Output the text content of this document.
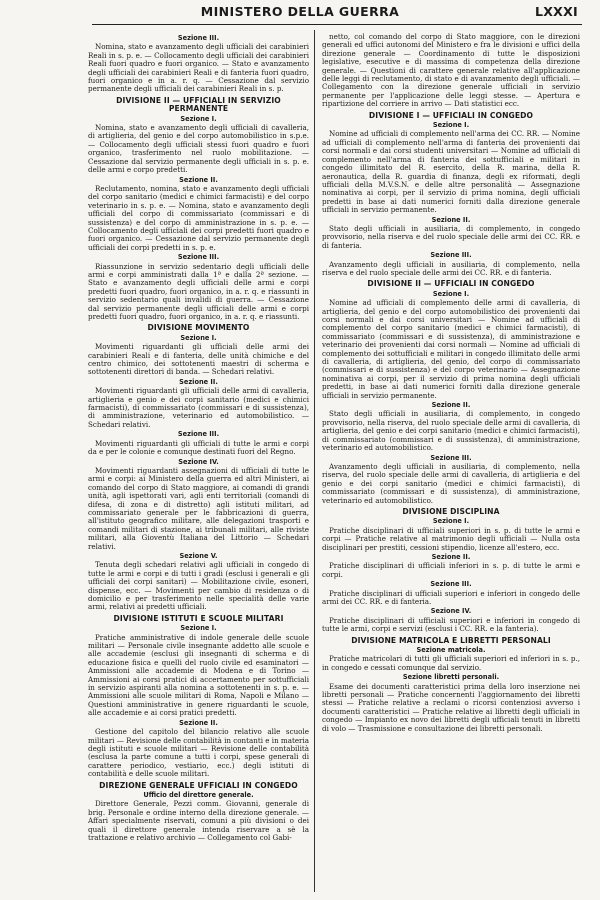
MINISTERO DELLA GUERRA	LXXXI
Sezione III.

Nomina, stato e avanzamento degli ufficiali dei carabinieri Reali in s. p. e. — Collocamento degli ufficiali dei carabinieri Reali fuori quadro e fuori organico. — Stato e avanzamento degli ufficiali dei carabinieri Reali e di fanteria fuori quadro, fuori organico e in a. r. q. — Cessazione dal servizio permanente degli ufficiali dei carabinieri Reali in s. p.

DIVISIONE II — UFFICIALI IN SERVIZIO PERMANENTE
Sezione I.

Nomina, stato e avanzamento degli ufficiali di cavalleria, di artiglieria, del genio e del corpo automobilistico in s.p.e. — Collocamento degli ufficiali stessi fuori quadro e fuori organico, trasferimento nel ruolo mobilitazione. — Cessazione dal servizio permanente degli ufficiali in s. p. e. delle armi e corpo predetti.

Sezione II.

Reclutamento, nomina, stato e avanzamento degli ufficiali del corpo sanitario (medici e chimici farmacisti) e del corpo veterinario in s. p. e. — Nomina, stato e avanzamento degli ufficiali del corpo di commissariato (commissari e di sussistenza) e del corpo di amministrazione in s. p. e. — Collocamento degli ufficiali dei corpi predetti fuori quadro e fuori organico. — Cessazione dal servizio permanente degli ufficiali dei corpi predetti in s. p. e.

Sezione III.

Riassunzione in servizio sedentario degli ufficiali delle armi e corpi amministrati dalla 1ª e dalla 2ª sezione. — Stato e avanzamento degli ufficiali delle armi e corpi predetti fuori quadro, fuori organico, in a. r. q. e riassunti in servizio sedentario quali invalidi di guerra. — Cessazione dal servizio permanente degli ufficiali delle armi e corpi predetti fuori quadro, fuori organico, in a. r. q. e riassunti.

DIVISIONE MOVIMENTO
Sezione I.

Movimenti riguardanti gli ufficiali delle armi dei carabinieri Reali e di fanteria, delle unità chimiche e del centro chimico, dei sottotenenti maestri di scherma e sottotenenti direttori di banda. — Schedari relativi.

Sezione II.

Movimenti riguardanti gli ufficiali delle armi di cavalleria, artiglieria e genio e dei corpi sanitario (medici e chimici farmacisti), di commissariato (commissari e di sussistenza), di amministrazione, veterinario ed automobilistico. — Schedari relativi.

Sezione III.

Movimenti riguardanti gli ufficiali di tutte le armi e corpi da e per le colonie e comunque destinati fuori del Regno.

Sezione IV.

Movimenti riguardanti assegnazioni di ufficiali di tutte le armi e corpi: ai Ministero della guerra ed altri Ministeri, ai comando del corpo di Stato maggiore, ai comandi di grandi unità, agli ispettorati vari, agli enti territoriali (comandi di difesa, di zona e di distretto) agli istituti militari, ad commissariato generale per le fabbricazioni di guerra, all'istituto geografico militare, alle delegazioni trasporti e comandi militari di stazione, ai tribunali militari, alle riviste militari, alla Gioventù Italiana del Littorio — Schedari relativi.

Sezione V.

Tenuta degli schedari relativi agli ufficiali in congedo di tutte le armi e corpi e di tutti i gradi (esclusi i generali e gli ufficiali dei corpi sanitari) — Mobilitazione civile, esoneri, dispense, ecc. — Movimenti per cambio di residenza o di domicilio e per trasferimento nelle specialità delle varie armi, relativi ai predetti ufficiali.

DIVISIONE ISTITUTI E SCUOLE MILITARI
Sezione I.

Pratiche amministrative di indole generale delle scuole militari — Personale civile insegnante addetto alle scuole e alle accademie (esclusi gli insegnanti di scherma e di educazione fisica e quelli del ruolo civile ed esaminatori — Ammissioni alle accademie di Modena e di Torino — Ammissioni ai corsi pratici di accertamento per sottufficiali in servizio aspiranti alla nomina a sottotenenti in s. p. e. — Ammissioni alle scuole militari di Roma, Napoli e Milano — Questioni amministrative in genere riguardanti le scuole, alle accademie e ai corsi pratici predetti.

Sezione II.

Gestione del capitolo del bilancio relativo alle scuole militari — Revisione delle contabilità in contanti e in materia degli istituti e scuole militari — Revisione delle contabilità (esclusa la parte comune a tutti i corpi, spese generali di carattere periodico, vestiario, ecc.) degli istituti di contabilità e delle scuole militari.

DIREZIONE GENERALE UFFICIALI IN CONGEDO
Ufficio del direttore generale.

Direttore Generale, Pezzi comm. Giovanni, generale di brig. Personale e ordine interno della direzione generale. — Affari specialmente riservati, comuni a più divisioni o dei quali il direttore generale intenda riservare a sè la trattazione e relativo archivio — Collegamento col Gabi-

netto, col comando del corpo di Stato maggiore, con le direzioni generali ed uffici autonomi del Ministero e fra le divisioni e uffici della direzione generale — Coordinamento di tutte le disposizioni legislative, esecutive e di massima di competenza della direzione generale. — Questioni di carattere generale relative all'applicazione delle leggi di reclutamento, di stato e di avanzamento degli ufficiali. — Collegamento con la direzione generale ufficiali in servizio permanente per l'applicazione delle leggi stesse. — Apertura e ripartizione del corriere in arrivo — Dati statistici ecc.

DIVISIONE I — UFFICIALI IN CONGEDO
Sezione I.

Nomine ad ufficiali di complemento nell'arma dei CC. RR. — Nomine ad ufficiali di complemento nell'arma di fanteria dei provenienti dai corsi normali e dai corsi studenti universitari — Nomine ad ufficiali di complemento nell'arma di fanteria dei sottufficiali e militari in congedo illimitato del R. esercito, della R. marina, della R. aeronautica, della R. guardia di finanza, degli ex riformati, degli ufficiali della M.V.S.N. e delle altre personalità — Assegnazione nominativa ai corpi, per il servizio di prima nomina, degli ufficiali predetti in base ai dati numerici forniti dalla direzione generale ufficiali in servizio permanente.

Sezione II.

Stato degli ufficiali in ausiliaria, di complemento, in congedo provvisorio, nella riserva e del ruolo speciale delle armi dei CC. RR. e di fanteria.

Sezione III.

Avanzamento degli ufficiali in ausiliaria, di complemento, nella riserva e del ruolo speciale delle armi dei CC. RR. e di fanteria.

DIVISIONE II — UFFICIALI IN CONGEDO
Sezione I.

Nomine ad ufficiali di complemento delle armi di cavalleria, di artiglieria, del genio e del corpo automobilistico dei provenienti dai corsi normali e dai corsi universitari — Nomine ad ufficiali di complemento del corpo sanitario (medici e chimici farmacisti), di commissariato (commissari e di sussistenza), di amministrazione e veterinario dei provenienti dai corsi normali — Nomine ad ufficiali di complemento dei sottufficiali e militari in congedo illimitato delle armi di cavalleria, di artiglieria, del genio, del corpo di commissariato (commissari e di sussistenza) e del corpo veterinario — Assegnazione nominativa ai corpi, per il servizio di prima nomina degli ufficiali predetti, in base ai dati numerici forniti dalla direzione generale ufficiali in servizio permanente.

Sezione II.

Stato degli ufficiali in ausiliaria, di complemento, in congedo provvisorio, nella riserva, del ruolo speciale delle armi di cavalleria, di artiglieria, del genio e dei corpi sanitario (medici e chimici farmacisti), di commissariato (commissari e di sussistenza), di amministrazione, veterinario ed automobilistico.

Sezione III.

Avanzamento degli ufficiali in ausiliaria, di complemento, nella riserva, del ruolo speciale delle armi di cavalleria, di artiglieria e del genio e dei corpi sanitario (medici e chimici farmacisti), di commissariato (commissari e di sussistenza), di amministrazione, veterinario ed automobilistico.

DIVISIONE DISCIPLINA
Sezione I.

Pratiche disciplinari di ufficiali superiori in s. p. di tutte le armi e corpi — Pratiche relative al matrimonio degli ufficiali — Nulla osta disciplinari per prestiti, cessioni stipendio, licenze all'estero, ecc.

Sezione II.

Pratiche disciplinari di ufficiali inferiori in s. p. di tutte le armi e corpi.

Sezione III.

Pratiche disciplinari di ufficiali superiori e inferiori in congedo delle armi dei CC. RR. e di fanteria.

Sezione IV.

Pratiche disciplinari di ufficiali superiori e inferiori in congedo di tutte le armi, corpi e servizi (esclusi i CC. RR. e la fanteria).

DIVISIONE MATRICOLA E LIBRETTI PERSONALI
Sezione matricola.

Pratiche matricolari di tutti gli ufficiali superiori ed inferiori in s. p., in congedo e cessati comunque dal servizio.

Sezione libretti personali.

Esame dei documenti caratteristici prima della loro inserzione nei libretti personali — Pratiche concernenti l'aggiornamento dei libretti stessi — Pratiche relative a reclami o ricorsi contenziosi avverso i documenti caratteristici — Pratiche relative ai libretti degli ufficiali in congedo — Impianto ex novo dei libretti degli ufficiali tenuti in libretti di volo — Trasmissione e consultazione dei libretti personali.
